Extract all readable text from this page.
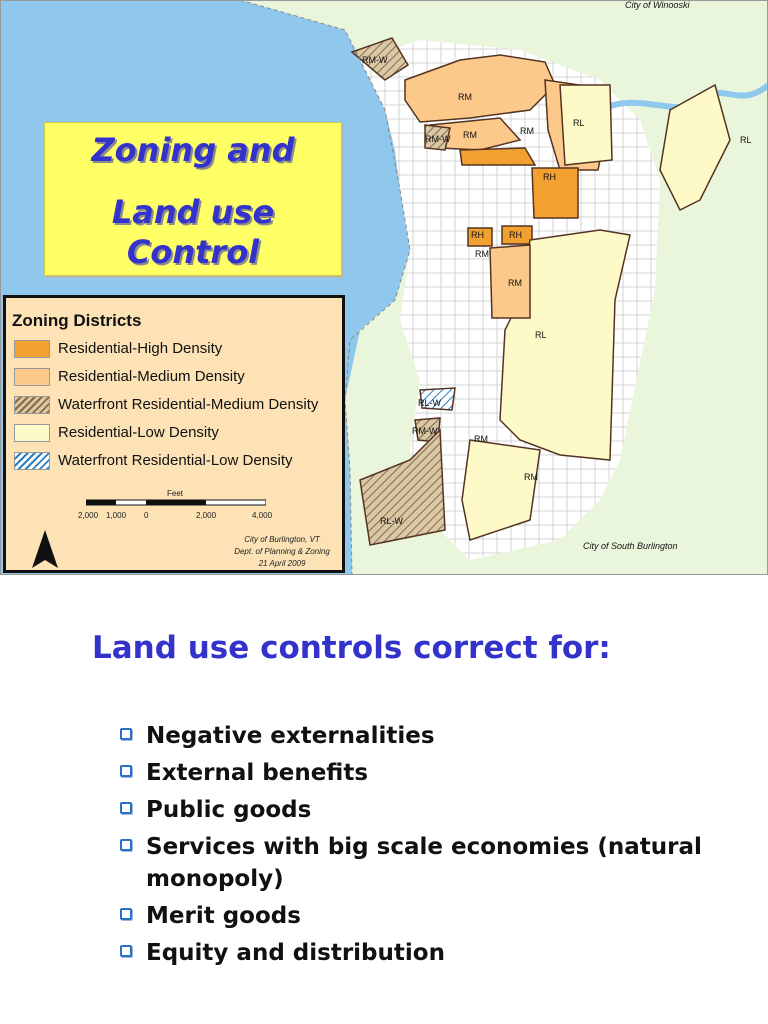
City of Winooski
City of South Burlington
RM-W
RM
RM-W RM	RM
RL
RH
RL
RH	RH
RM
RM
RL
RL-W
RM-W
RM
RM
RL-W
Zoning and
Land use
Control
Zoning Districts
Residential-High Density
Residential-Medium Density
Waterfront Residential-Medium Density
Residential-Low Density
Waterfront Residential-Low Density
Feet
2,000 1,000 0	2,000	4,000
City of Burlington, VT
Dept. of Planning & Zoning
21 April 2009
Land use controls correct for:
Negative externalities
External benefits
Public goods
Services with big scale economies (natural monopoly)
Merit goods
Equity and distribution
